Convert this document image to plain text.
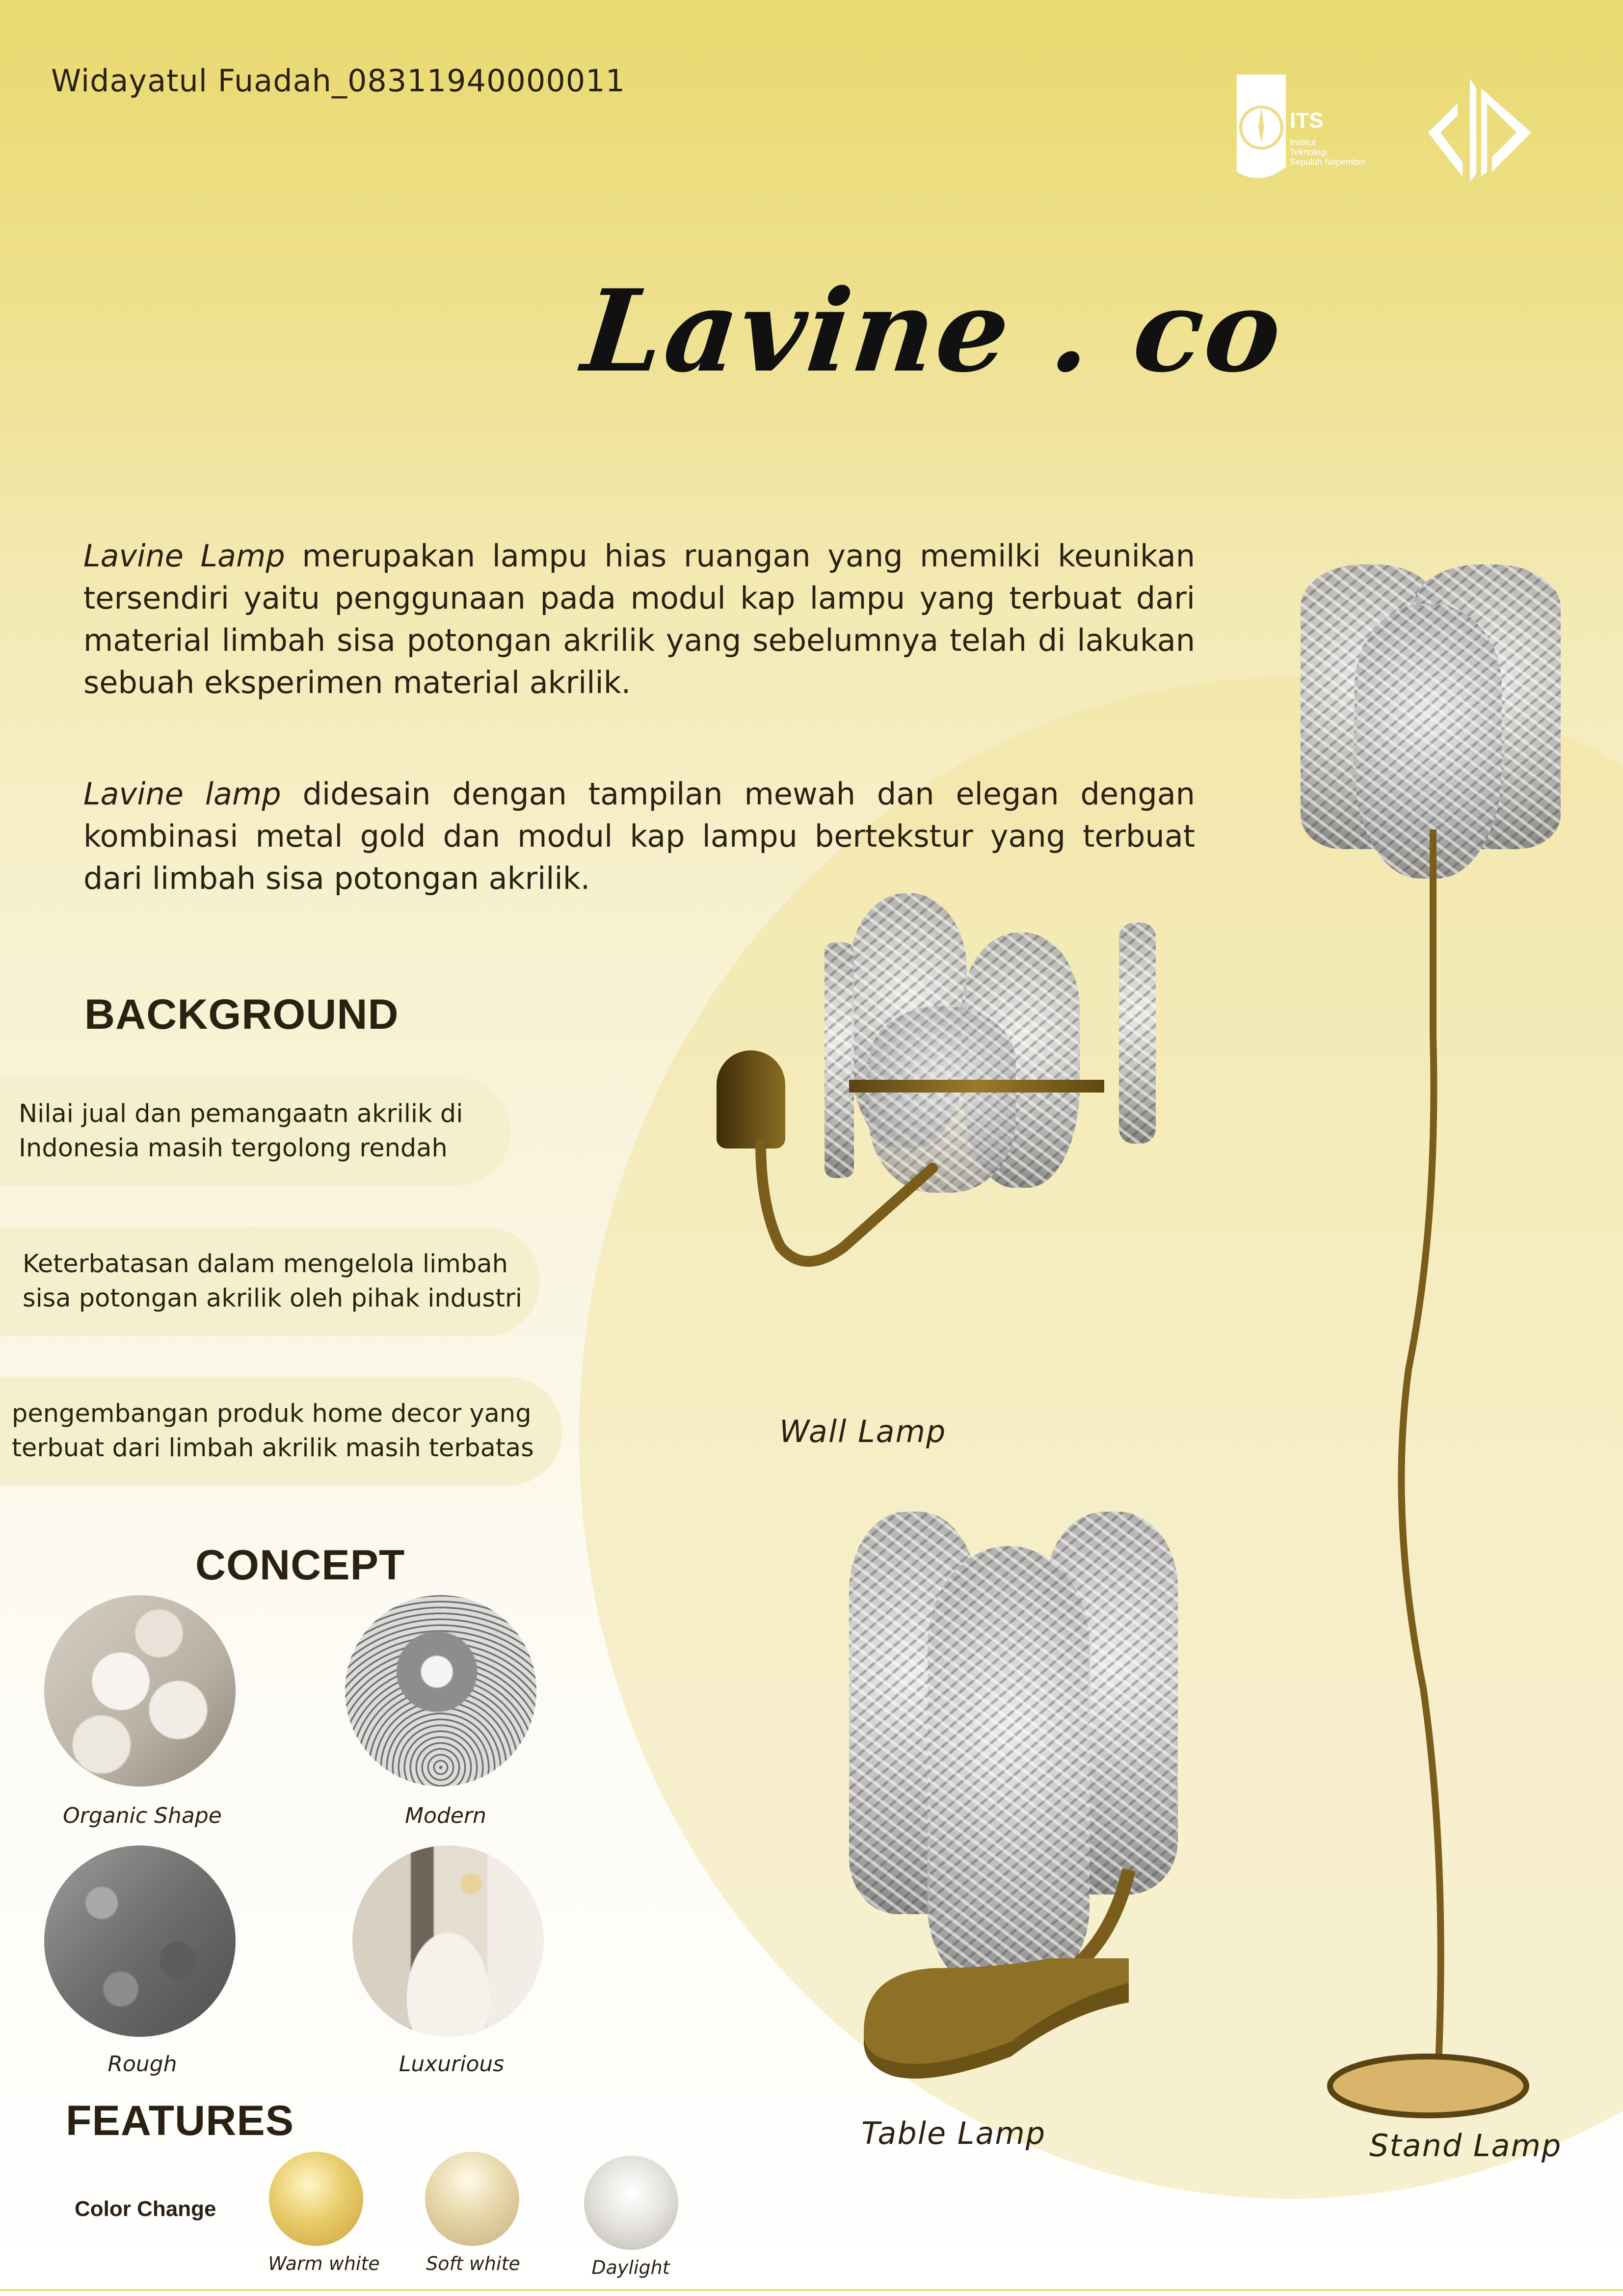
Widayatul Fuadah_08311940000011
ITS
Institut
Teknologi
Sepuluh Nopember
Lavine . co
Lavine Lamp merupakan lampu hias ruangan yang memilki keunikan tersendiri yaitu penggunaan pada modul kap lampu yang terbuat dari material limbah sisa potongan akrilik yang sebelumnya telah di lakukan sebuah eksperimen material akrilik.
Lavine lamp didesain dengan tampilan mewah dan elegan dengan kombinasi metal gold dan modul kap lampu bertekstur yang terbuat dari limbah sisa potongan akrilik.
BACKGROUND
Nilai jual dan pemangaatn akrilik di Indonesia masih tergolong rendah
Keterbatasan dalam mengelola limbah sisa potongan akrilik oleh pihak industri
pengembangan produk home decor yang terbuat dari limbah akrilik masih terbatas
CONCEPT
Organic Shape	Modern
Rough	Luxurious
FEATURES
Color Change
Warm white	Soft white	Daylight
Wall Lamp
Table Lamp	Stand Lamp
